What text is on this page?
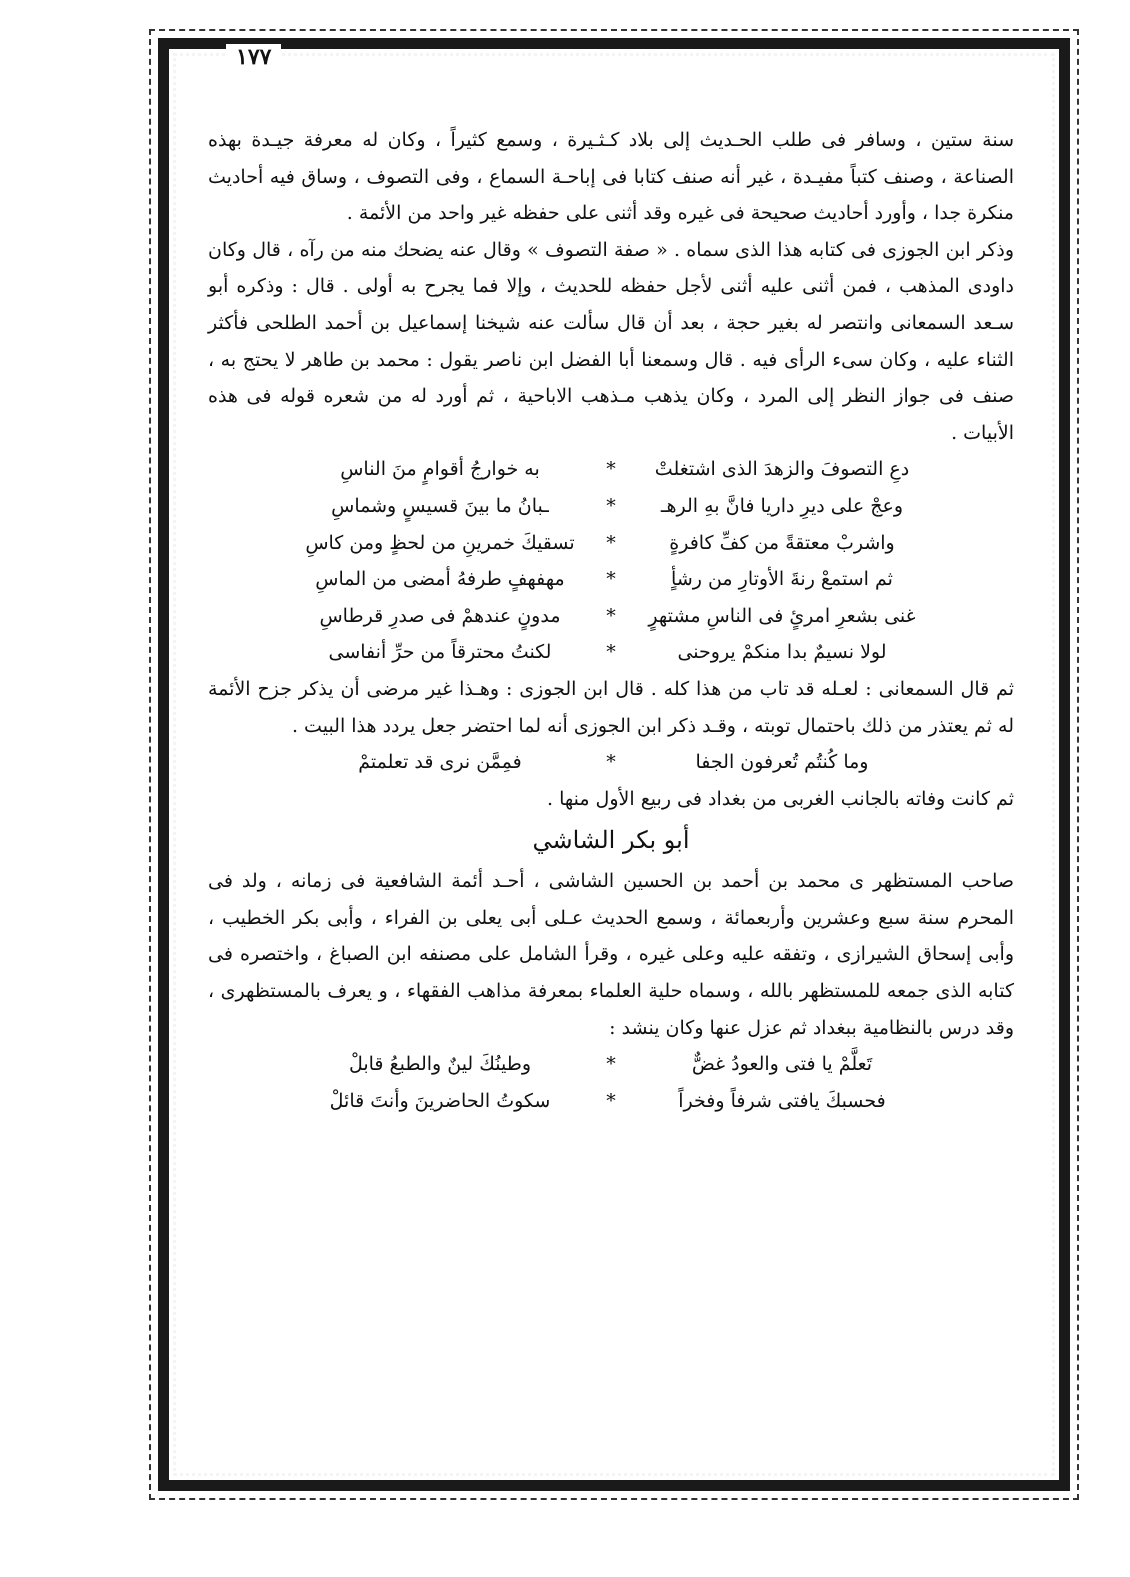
١٧٧

سنة ستين ، وسافر فى طلب الحـديث إلى بلاد كـثـيرة ، وسمع كثيراً ، وكان له معرفة جيـدة بهذه الصناعة ، وصنف كتباً مفيـدة ، غير أنه صنف كتابا فى إباحـة السماع ، وفى التصوف ، وساق فيه أحاديث منكرة جدا ، وأورد أحاديث صحيحة فى غيره وقد أثنى على حفظه غير واحد من الأئمة .

وذكر ابن الجوزى فى كتابه هذا الذى سماه . « صفة التصوف » وقال عنه يضحك منه من رآه ، قال وكان داودى المذهب ، فمن أثنى عليه أثنى لأجل حفظه للحديث ، وإلا فما يجرح به أولى . قال : وذكره أبو سـعد السمعانى وانتصر له بغير حجة ، بعد أن قال سألت عنه شيخنا إسماعيل بن أحمد الطلحى فأكثر الثناء عليه ، وكان سىء الرأى فيه . قال وسمعنا أبا الفضل ابن ناصر يقول : محمد بن طاهر لا يحتج به ، صنف فى جواز النظر إلى المرد ، وكان يذهب مـذهب الاباحية ، ثم أورد له من شعره قوله فى هذه الأبيات .

دعِ التصوفَ والزهدَ الذى اشتغلتْ
*
به خوارجُ أقوامٍ منَ الناسِ
وعجْ على ديرِ داريا فانَّ بهِ الرهـ
*
ـبانُ ما بينَ قسيسٍ وشماسِ
واشربْ معتقةً من كفِّ كافرةٍ
*
تسقيكَ خمرينِ من لحظٍ ومن كاسِ
ثم استمعْ رنةَ الأوتارِ من رشأٍ
*
مهفهفٍ طرفهُ أمضى من الماسِ
غنى بشعرِ امرئٍ فى الناسِ مشتهرٍ
*
مدونٍ عندهمْ فى صدرِ قرطاسِ
لولا نسيمٌ بدا منكمْ يروحنى
*
لكنتُ محترقاً من حرِّ أنفاسى

ثم قال السمعانى : لعـله قد تاب من هذا كله . قال ابن الجوزى : وهـذا غير مرضى أن يذكر جزح الأئمة له ثم يعتذر من ذلك باحتمال توبته ، وقـد ذكر ابن الجوزى أنه لما احتضر جعل يردد هذا البيت .

وما كُنتُم تُعرفون الجفا
*
فمِمَّن نرى قد تعلمتمْ

ثم كانت وفاته بالجانب الغربى من بغداد فى ربيع الأول منها .

أبو بكر الشاشي

صاحب المستظهر ى محمد بن أحمد بن الحسين الشاشى ، أحـد أئمة الشافعية فى زمانه ، ولد فى المحرم سنة سبع وعشرين وأربعمائة ، وسمع الحديث عـلى أبى يعلى بن الفراء ، وأبى بكر الخطيب ، وأبى إسحاق الشيرازى ، وتفقه عليه وعلى غيره ، وقرأ الشامل على مصنفه ابن الصباغ ، واختصره فى كتابه الذى جمعه للمستظهر بالله ، وسماه حلية العلماء بمعرفة مذاهب الفقهاء ، و يعرف بالمستظهرى ، وقد درس بالنظامية ببغداد ثم عزل عنها وكان ينشد :

تَعلَّمْ يا فتى والعودُ غضٌّ
*
وطينُكَ لينٌ والطبعُ قابلْ
فحسبكَ يافتى شرفاً وفخراً
*
سكوتُ الحاضرينَ وأنتَ قائلْ
